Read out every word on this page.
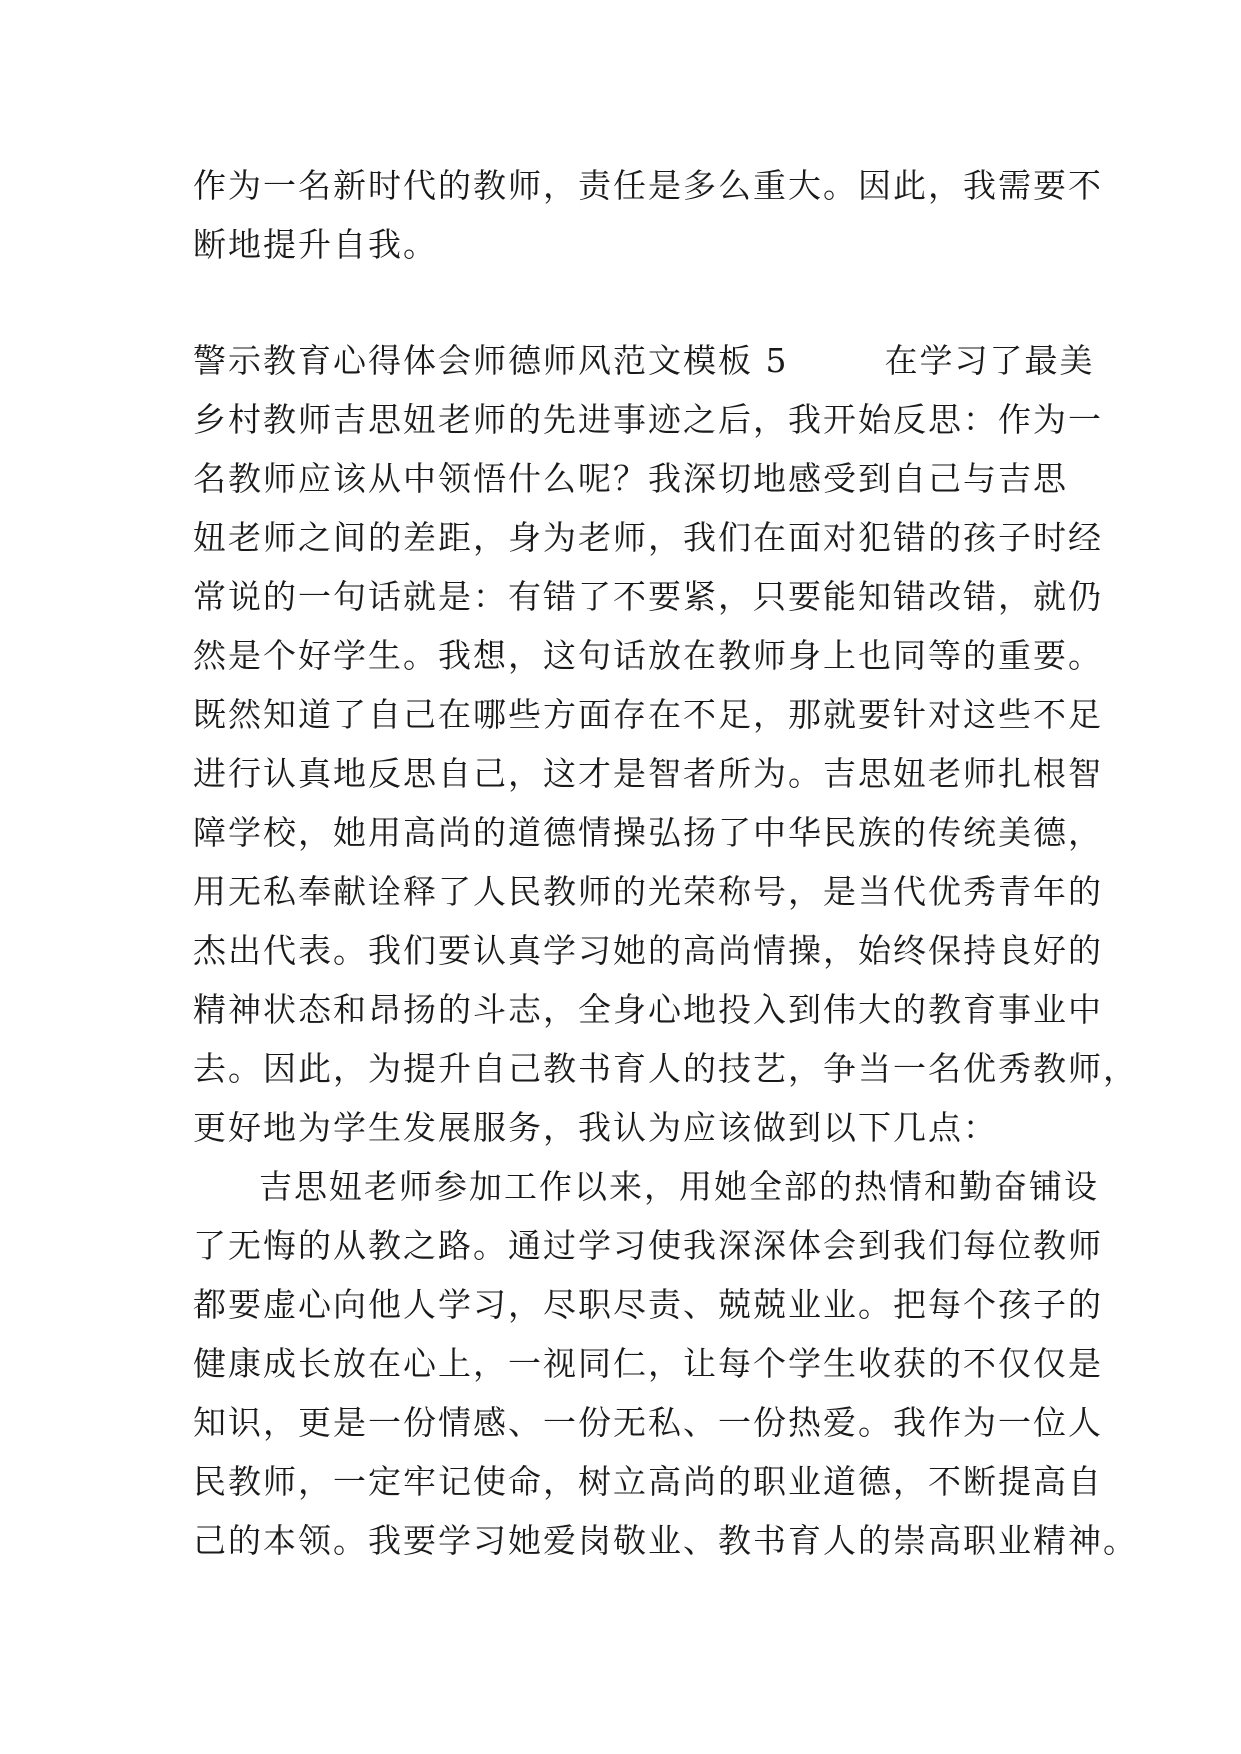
作为一名新时代的教师，责任是多么重大。因此，我需要不
断地提升自我。
警示教育心得体会师德师风范文模板 5	在学习了最美
乡村教师吉思妞老师的先进事迹之后，我开始反思：作为一
名教师应该从中领悟什么呢？我深切地感受到自己与吉思
妞老师之间的差距，身为老师，我们在面对犯错的孩子时经
常说的一句话就是：有错了不要紧，只要能知错改错，就仍
然是个好学生。我想，这句话放在教师身上也同等的重要。
既然知道了自己在哪些方面存在不足，那就要针对这些不足
进行认真地反思自己，这才是智者所为。吉思妞老师扎根智
障学校，她用高尚的道德情操弘扬了中华民族的传统美德，
用无私奉献诠释了人民教师的光荣称号，是当代优秀青年的
杰出代表。我们要认真学习她的高尚情操，始终保持良好的
精神状态和昂扬的斗志，全身心地投入到伟大的教育事业中
去。因此，为提升自己教书育人的技艺，争当一名优秀教师，
更好地为学生发展服务，我认为应该做到以下几点：
吉思妞老师参加工作以来，用她全部的热情和勤奋铺设
了无悔的从教之路。通过学习使我深深体会到我们每位教师
都要虚心向他人学习，尽职尽责、兢兢业业。把每个孩子的
健康成长放在心上，一视同仁，让每个学生收获的不仅仅是
知识，更是一份情感、一份无私、一份热爱。我作为一位人
民教师，一定牢记使命，树立高尚的职业道德，不断提高自
己的本领。我要学习她爱岗敬业、教书育人的崇高职业精神。
